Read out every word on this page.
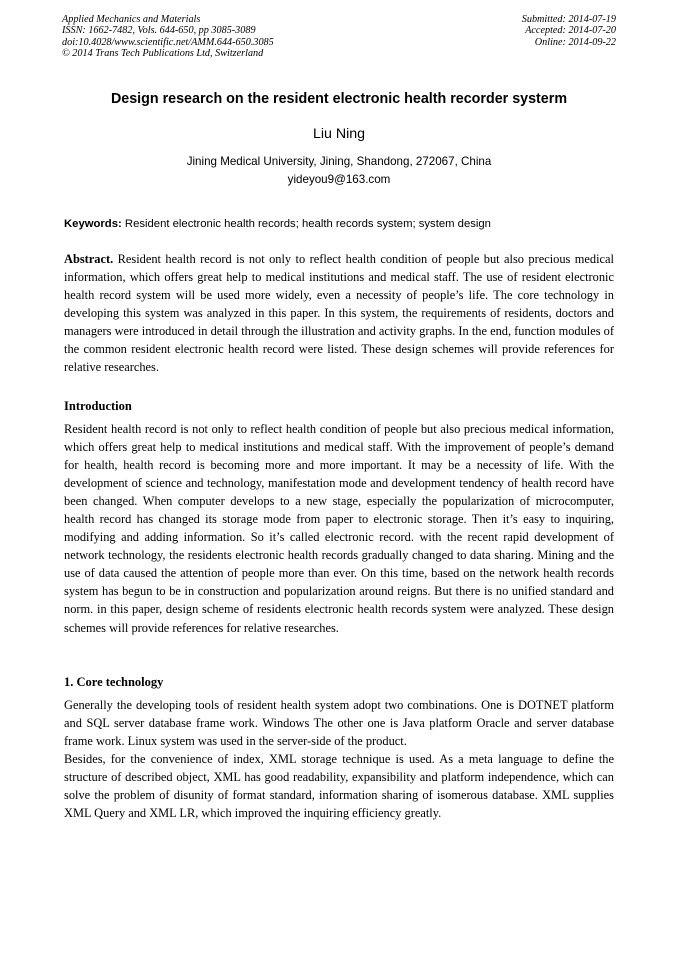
Applied Mechanics and Materials
ISSN: 1662-7482, Vols. 644-650, pp 3085-3089
doi:10.4028/www.scientific.net/AMM.644-650.3085
© 2014 Trans Tech Publications Ltd, Switzerland
Submitted: 2014-07-19
Accepted: 2014-07-20
Online: 2014-09-22
Design research on the resident electronic health recorder systerm
Liu Ning
Jining Medical University, Jining, Shandong, 272067, China
yideyou9@163.com
Keywords: Resident electronic health records; health records system; system design
Abstract. Resident health record is not only to reflect health condition of people but also precious medical information, which offers great help to medical institutions and medical staff. The use of resident electronic health record system will be used more widely, even a necessity of people’s life. The core technology in developing this system was analyzed in this paper. In this system, the requirements of residents, doctors and managers were introduced in detail through the illustration and activity graphs. In the end, function modules of the common resident electronic health record were listed. These design schemes will provide references for relative researches.
Introduction
Resident health record is not only to reflect health condition of people but also precious medical information, which offers great help to medical institutions and medical staff. With the improvement of people’s demand for health, health record is becoming more and more important. It may be a necessity of life. With the development of science and technology, manifestation mode and development tendency of health record have been changed. When computer develops to a new stage, especially the popularization of microcomputer, health record has changed its storage mode from paper to electronic storage. Then it’s easy to inquiring, modifying and adding information. So it’s called electronic record. with the recent rapid development of network technology, the residents electronic health records gradually changed to data sharing. Mining and the use of data caused the attention of people more than ever. On this time, based on the network health records system has begun to be in construction and popularization around reigns. But there is no unified standard and norm. in this paper, design scheme of residents electronic health records system were analyzed. These design schemes will provide references for relative researches.
1. Core technology
Generally the developing tools of resident health system adopt two combinations. One is DOTNET platform and SQL server database frame work. Windows The other one is Java platform Oracle and server database frame work. Linux system was used in the server-side of the product.
Besides, for the convenience of index, XML storage technique is used. As a meta language to define the structure of described object, XML has good readability, expansibility and platform independence, which can solve the problem of disunity of format standard, information sharing of isomerous database. XML supplies XML Query and XML LR, which improved the inquiring efficiency greatly.
